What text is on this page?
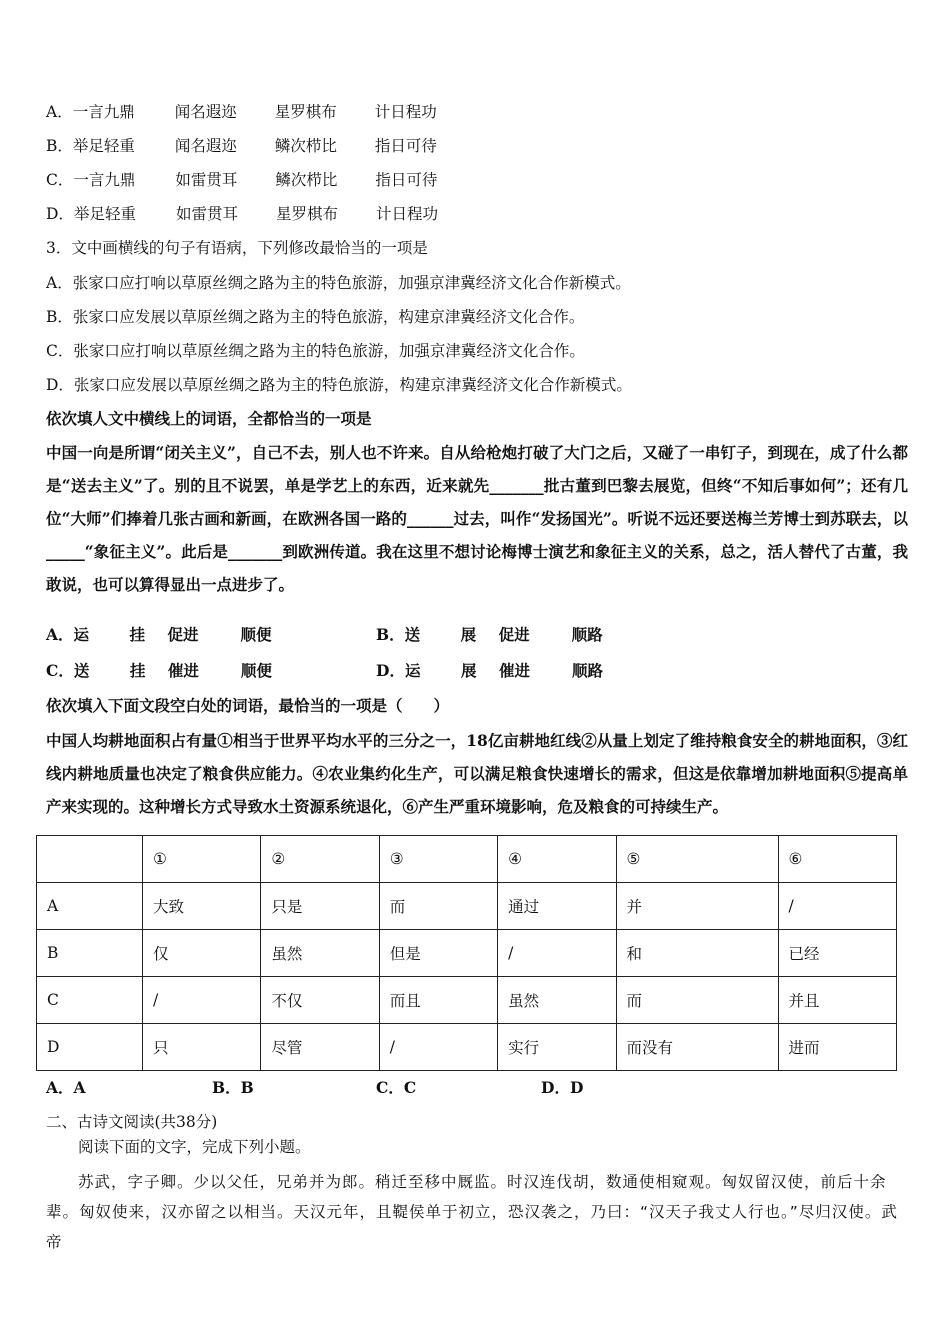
A．一言九鼎	闻名遐迩 星罗棋布 计日程功
B．举足轻重	闻名遐迩 鳞次栉比 指日可待
C．一言九鼎	如雷贯耳 鳞次栉比 指日可待
D．举足轻重	如雷贯耳 星罗棋布 计日程功
3．文中画横线的句子有语病，下列修改最恰当的一项是
A．张家口应打响以草原丝绸之路为主的特色旅游，加强京津冀经济文化合作新模式。
B．张家口应发展以草原丝绸之路为主的特色旅游，构建京津冀经济文化合作。
C．张家口应打响以草原丝绸之路为主的特色旅游，加强京津冀经济文化合作。
D．张家口应发展以草原丝绸之路为主的特色旅游，构建京津冀经济文化合作新模式。
依次填人文中横线上的词语，全都恰当的一项是
中国一向是所谓“闭关主义”，自己不去，别人也不许来。自从给枪炮打破了大门之后，又碰了一串钉子，到现在，成了什么都是“送去主义”了。别的且不说罢，单是学艺上的东西，近来就先_______批古董到巴黎去展览，但终“不知后事如何”；还有几位“大师”们捧着几张古画和新画，在欧洲各国一路的______过去，叫作“发扬国光”。听说不远还要送梅兰芳博士到苏联去，以_____“象征主义”。此后是_______到欧洲传道。我在这里不想讨论梅博士演艺和象征主义的关系，总之，活人替代了古董，我敢说，也可以算得显出一点进步了。
A．运	挂 促进	顺便	B．送	展 促进	顺路
C．送	挂 催进	顺便	D．运	展 催进	顺路
依次填入下面文段空白处的词语，最恰当的一项是（　　）
中国人均耕地面积占有量①相当于世界平均水平的三分之一，18亿亩耕地红线②从量上划定了维持粮食安全的耕地面积，③红线内耕地质量也决定了粮食供应能力。④农业集约化生产，可以满足粮食快速增长的需求，但这是依靠增加耕地面积⑤提高单产来实现的。这种增长方式导致水土资源系统退化，⑥产生严重环境影响，危及粮食的可持续生产。
	①	②	③	④	⑤	⑥
A	大致	只是	而	通过	并	/
B	仅	虽然	但是	/	和	已经
C	/	不仅	而且	虽然	而	并且
D	只	尽管	/	实行	而没有	进而
A．A	B．B	C．C	D．D
二、古诗文阅读(共38分)
阅读下面的文字，完成下列小题。
苏武，字子卿。少以父任，兄弟并为郎。稍迁至移中厩监。时汉连伐胡，数通使相窥观。匈奴留汉使，前后十余辈。匈奴使来，汉亦留之以相当。天汉元年，且鞮侯单于初立，恐汉袭之，乃曰：“汉天子我丈人行也。”尽归汉使。武帝
